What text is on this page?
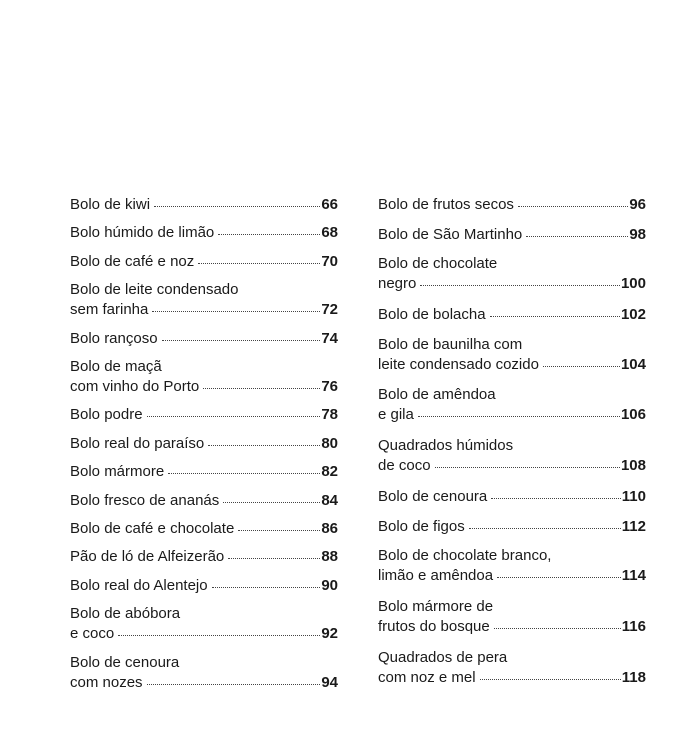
Bolo de kiwi	66
Bolo húmido de limão	68
Bolo de café e noz	70
Bolo de leite condensado
sem farinha	72
Bolo rançoso	74
Bolo de maçã
com vinho do Porto	76
Bolo podre	78
Bolo real do paraíso	80
Bolo mármore	82
Bolo fresco de ananás	84
Bolo de café e chocolate	86
Pão de ló de Alfeizerão	88
Bolo real do Alentejo	90
Bolo de abóbora
e coco	92
Bolo de cenoura
com nozes	94
Bolo de frutos secos	96
Bolo de São Martinho	98
Bolo de chocolate
negro	100
Bolo de bolacha	102
Bolo de baunilha com
leite condensado cozido	104
Bolo de amêndoa
e gila	106
Quadrados húmidos
de coco	108
Bolo de cenoura	110
Bolo de figos	112
Bolo de chocolate branco,
limão e amêndoa	114
Bolo mármore de
frutos do bosque	116
Quadrados de pera
com noz e mel	118
